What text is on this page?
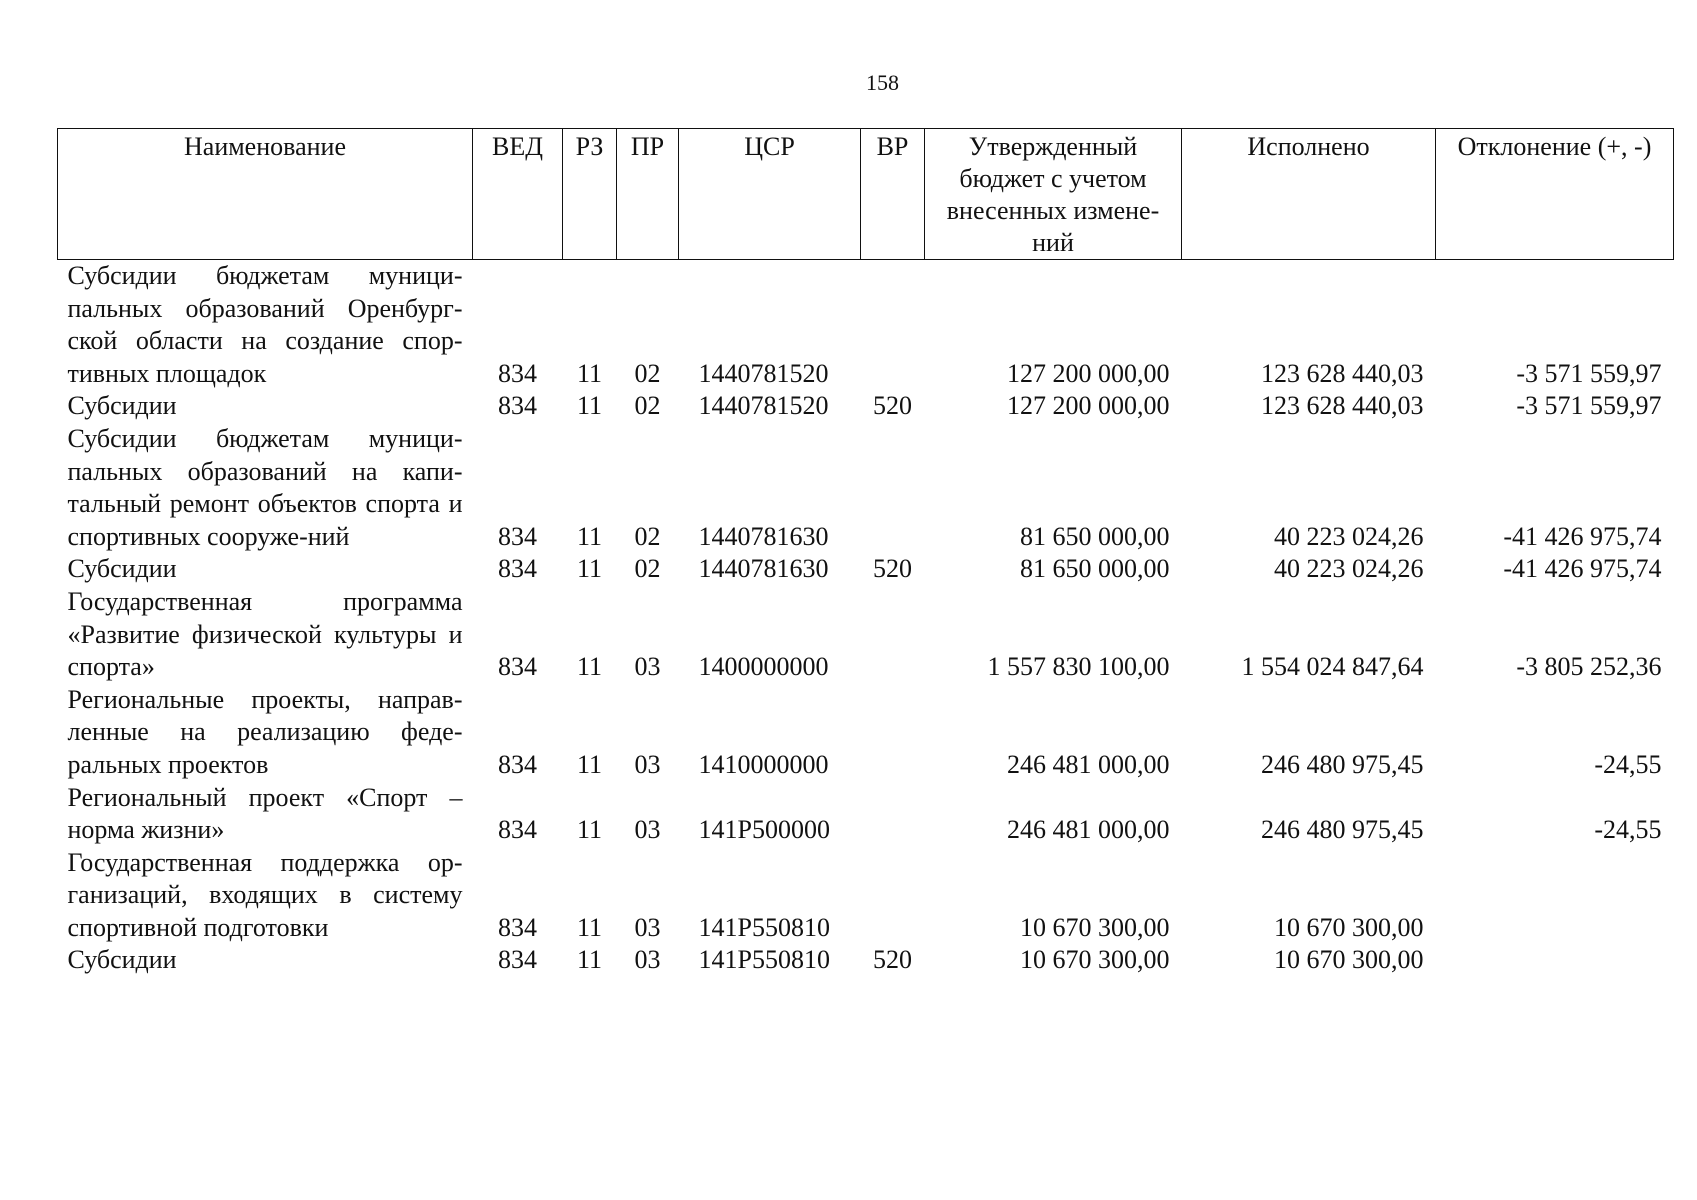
158
Наименование	ВЕД	РЗ	ПР	ЦСР	ВР	Утвержденный бюджет с учетом внесенных измене-ний	Исполнено	Отклонение (+, -)
Субсидии бюджетам муници-пальных образований Оренбург-ской области на создание спор-тивных площадок	834	11	02	1440781520		127 200 000,00	123 628 440,03	-3 571 559,97
Субсидии	834	11	02	1440781520	520	127 200 000,00	123 628 440,03	-3 571 559,97
Субсидии бюджетам муници-пальных образований на капи-тальный ремонт объектов спорта и спортивных сооруже-ний	834	11	02	1440781630		81 650 000,00	40 223 024,26	-41 426 975,74
Субсидии	834	11	02	1440781630	520	81 650 000,00	40 223 024,26	-41 426 975,74
Государственная программа «Развитие физической культуры и спорта»	834	11	03	1400000000		1 557 830 100,00	1 554 024 847,64	-3 805 252,36
Региональные проекты, направ-ленные на реализацию феде-ральных проектов	834	11	03	1410000000		246 481 000,00	246 480 975,45	-24,55
Региональный проект «Спорт – норма жизни»	834	11	03	141P500000		246 481 000,00	246 480 975,45	-24,55
Государственная поддержка ор-ганизаций, входящих в систему спортивной подготовки	834	11	03	141P550810		10 670 300,00	10 670 300,00	
Субсидии	834	11	03	141P550810	520	10 670 300,00	10 670 300,00	
